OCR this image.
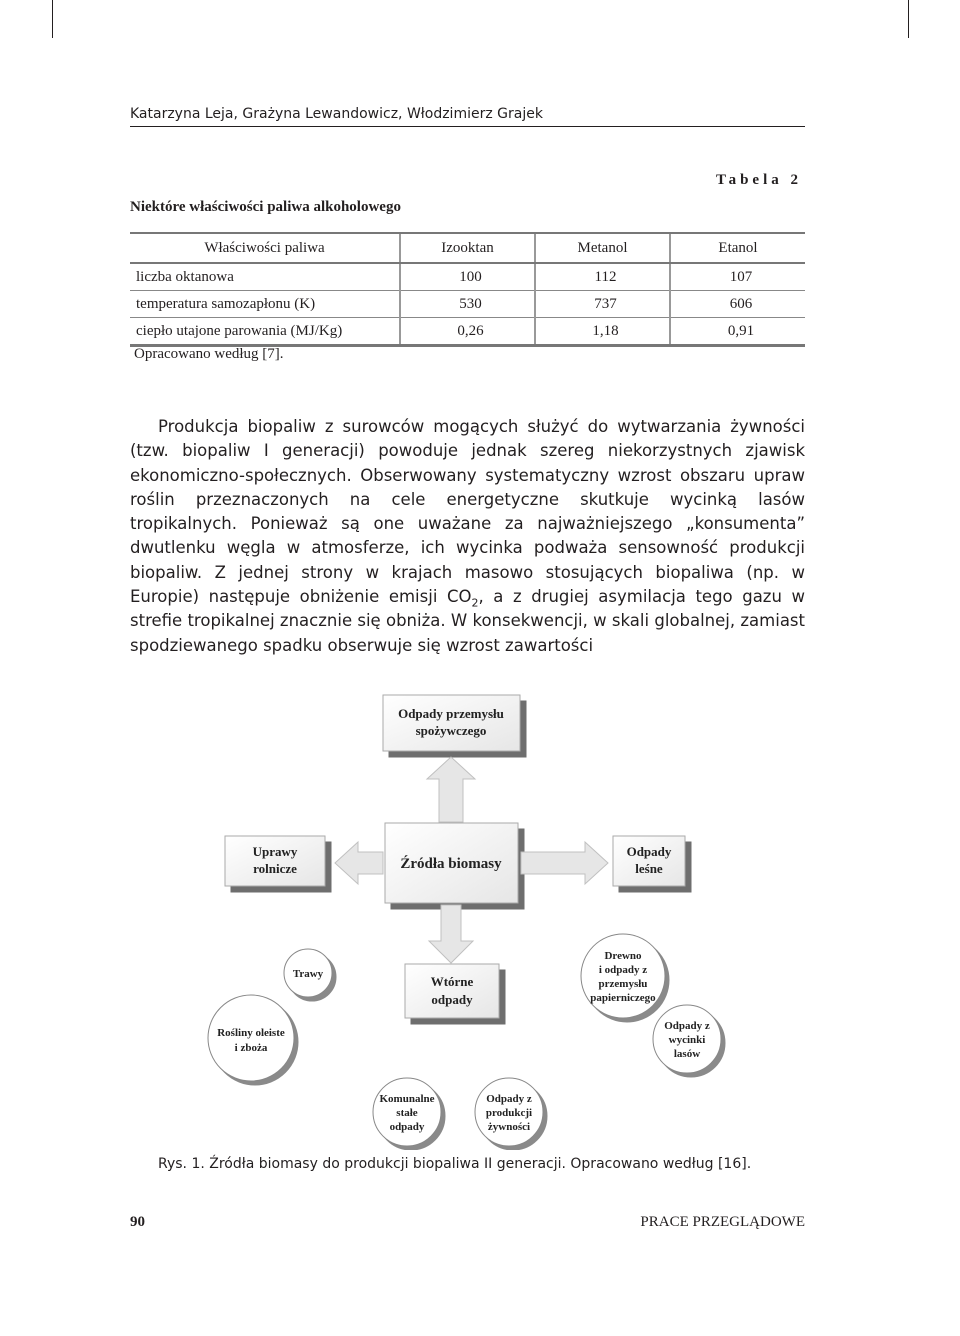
Katarzyna Leja, Grażyna Lewandowicz, Włodzimierz Grajek
Tabela 2
Niektóre właściwości paliwa alkoholowego
Właściwości paliwa	Izooktan	Metanol	Etanol
liczba oktanowa	100	112	107
temperatura samozapłonu (K)	530	737	606
ciepło utajone parowania (MJ/Kg)	0,26	1,18	0,91
Opracowano według [7].

Produkcja biopaliw z surowców mogących służyć do wytwarzania żywności (tzw. biopaliw I generacji) powoduje jednak szereg niekorzystnych zjawisk ekonomiczno-społecznych. Obserwowany systematyczny wzrost obszaru upraw roślin przeznaczonych na cele energetyczne skutkuje wycinką lasów tropikalnych. Ponieważ są one uważane za najważniejszego „konsumenta” dwutlenku węgla w atmosferze, ich wycinka podważa sensowność produkcji biopaliw. Z jednej strony w krajach masowo stosujących biopaliwa (np. w Europie) następuje obniżenie emisji $CO_2$, a z drugiej asymilacja tego gazu w strefie tropikalnej znacznie się obniża. W konsekwencji, w skali globalnej, zamiast spodziewanego spadku obserwuje się wzrost zawartości

Odpady przemysłu
spożywczego
Źródła biomasy
Uprawy
rolnicze
Odpady
leśne
Wtórne
odpady
Trawy
Rośliny oleiste
i zboża
Drewno
i odpady z
przemysłu
papierniczego
Odpady z
wycinki
lasów
Komunalne
stałe
odpady
Odpady z
produkcji
żywności
Rys. 1. Źródła biomasy do produkcji biopaliwa II generacji. Opracowano według [16].
90	PRACE PRZEGLĄDOWE
